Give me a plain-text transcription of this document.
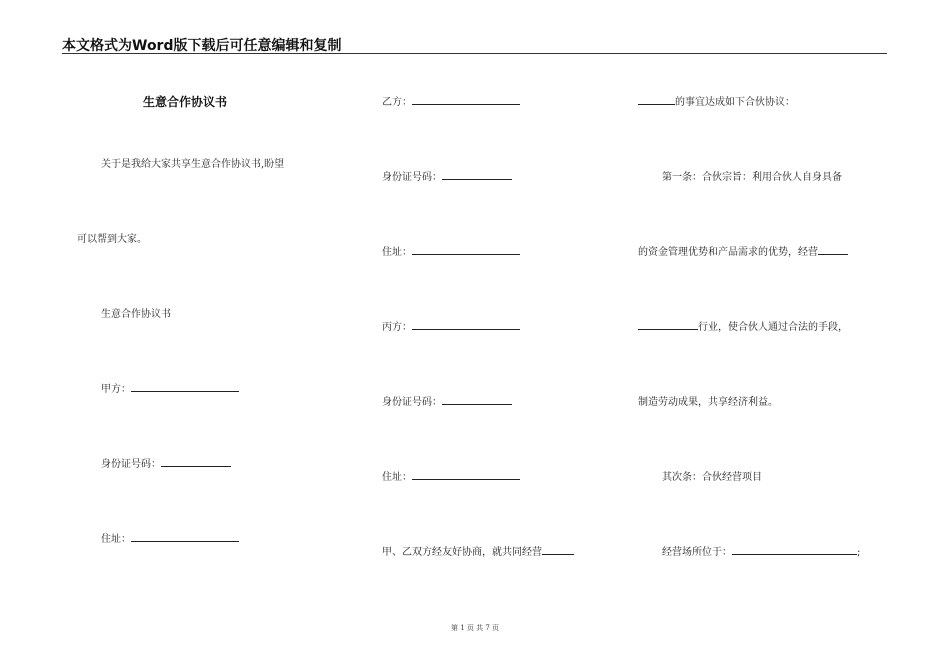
本文格式为Word版下载后可任意编辑和复制
生意合作协议书
关于是我给大家共享生意合作协议书,盼望
可以帮到大家。
生意合作协议书
甲方：
身份证号码：
住址：
乙方：
身份证号码：
住址：
丙方：
身份证号码：
住址：
甲、乙双方经友好协商，就共同经营
的事宜达成如下合伙协议：
第一条：合伙宗旨：利用合伙人自身具备
的资金管理优势和产品需求的优势，经营
行业，使合伙人通过合法的手段，
制造劳动成果，共享经济利益。
其次条：合伙经营项目
经营场所位于：	;
第 1 页 共 7 页
